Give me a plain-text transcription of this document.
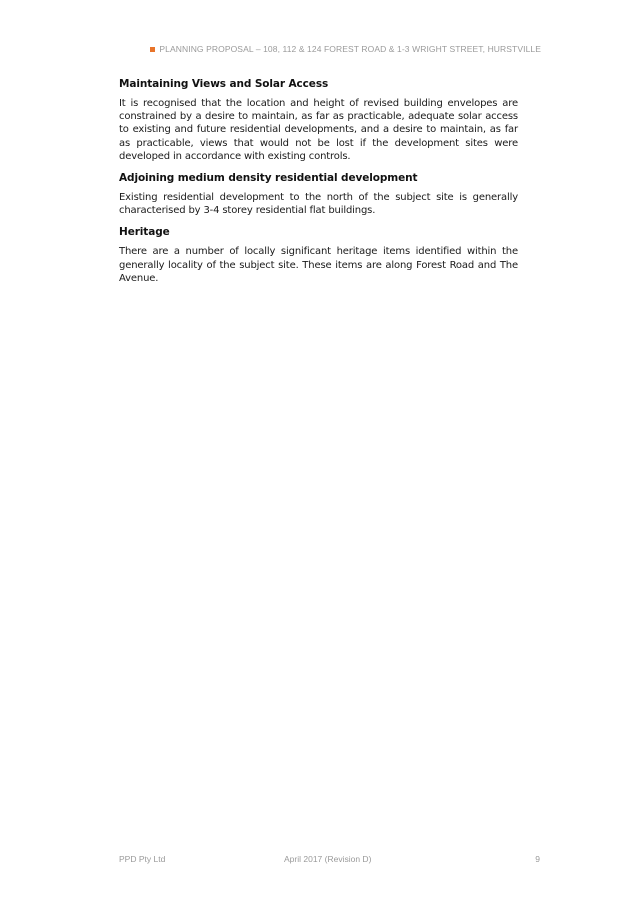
PLANNING PROPOSAL – 108, 112 & 124 FOREST ROAD & 1-3 WRIGHT STREET, HURSTVILLE
Maintaining Views and Solar Access

It is recognised that the location and height of revised building envelopes are constrained by a desire to maintain, as far as practicable, adequate solar access to existing and future residential developments, and a desire to maintain, as far as practicable, views that would not be lost if the development sites were developed in accordance with existing controls.

Adjoining medium density residential development

Existing residential development to the north of the subject site is generally characterised by 3-4 storey residential flat buildings.

Heritage

There are a number of locally significant heritage items identified within the generally locality of the subject site. These items are along Forest Road and The Avenue.

PPD Pty Ltd	April 2017 (Revision D)	9
